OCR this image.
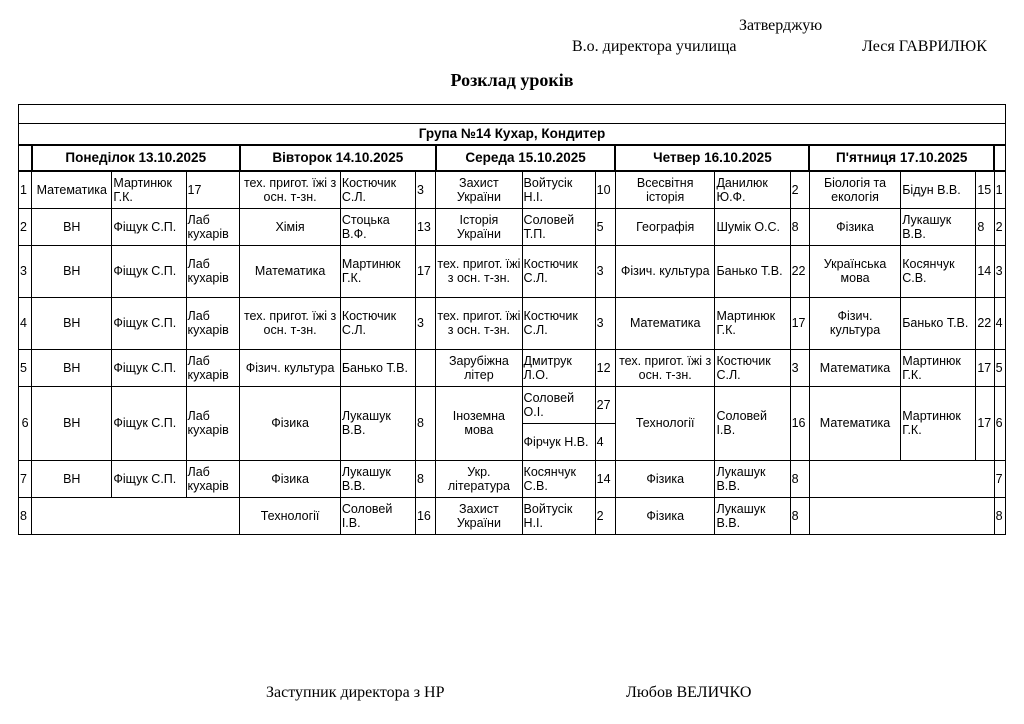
Затверджую
В.о. директора училища	Леся ГАВРИЛЮК
Розклад уроків

Група №14 Кухар, Кондитер																
	Понеділок 13.10.2025			Вівторок 14.10.2025			Середа 15.10.2025			Четвер 16.10.2025			П'ятниця 17.10.2025			
1	Математика	Мартинюк Г.К.	17	тех. пригот. їжі з осн. т-зн.	Костючик С.Л.	3	Захист України	Войтусік Н.І.	10	Всесвітня історія	Данилюк Ю.Ф.	2	Біологія та екологія	Бідун В.В.	15	1
2	ВН	Фіщук С.П.	Лаб кухарів	Хімія	Стоцька В.Ф.	13	Історія України	Соловей Т.П.	5	Географія	Шумік О.С.	8	Фізика	Лукашук В.В.	8	2
3	ВН	Фіщук С.П.	Лаб кухарів	Математика	Мартинюк Г.К.	17	тех. пригот. їжі з осн. т-зн.	Костючик С.Л.	3	Фізич. культура	Банько Т.В.	22	Українська мова	Косянчук С.В.	14	3
4	ВН	Фіщук С.П.	Лаб кухарів	тех. пригот. їжі з осн. т-зн.	Костючик С.Л.	3	тех. пригот. їжі з осн. т-зн.	Костючик С.Л.	3	Математика	Мартинюк Г.К.	17	Фізич. культура	Банько Т.В.	22	4
5	ВН	Фіщук С.П.	Лаб кухарів	Фізич. культура	Банько Т.В.		Зарубіжна літер	Дмитрук Л.О.	12	тех. пригот. їжі з осн. т-зн.	Костючик С.Л.	3	Математика	Мартинюк Г.К.	17	5
6	ВН	Фіщук С.П.	Лаб кухарів	Фізика	Лукашук В.В.	8	Іноземна мова	Соловей О.І.	27	Технології	Соловей І.В.	16	Математика	Мартинюк Г.К.	17	6
								Фірчук Н.В.	4							
7	ВН	Фіщук С.П.	Лаб кухарів	Фізика	Лукашук В.В.	8	Укр. література	Косянчук С.В.	14	Фізика	Лукашук В.В.	8				7
8				Технології	Соловей І.В.	16	Захист України	Войтусік Н.І.	2	Фізика	Лукашук В.В.	8				8
Заступник директора з НР	Любов ВЕЛИЧКО
